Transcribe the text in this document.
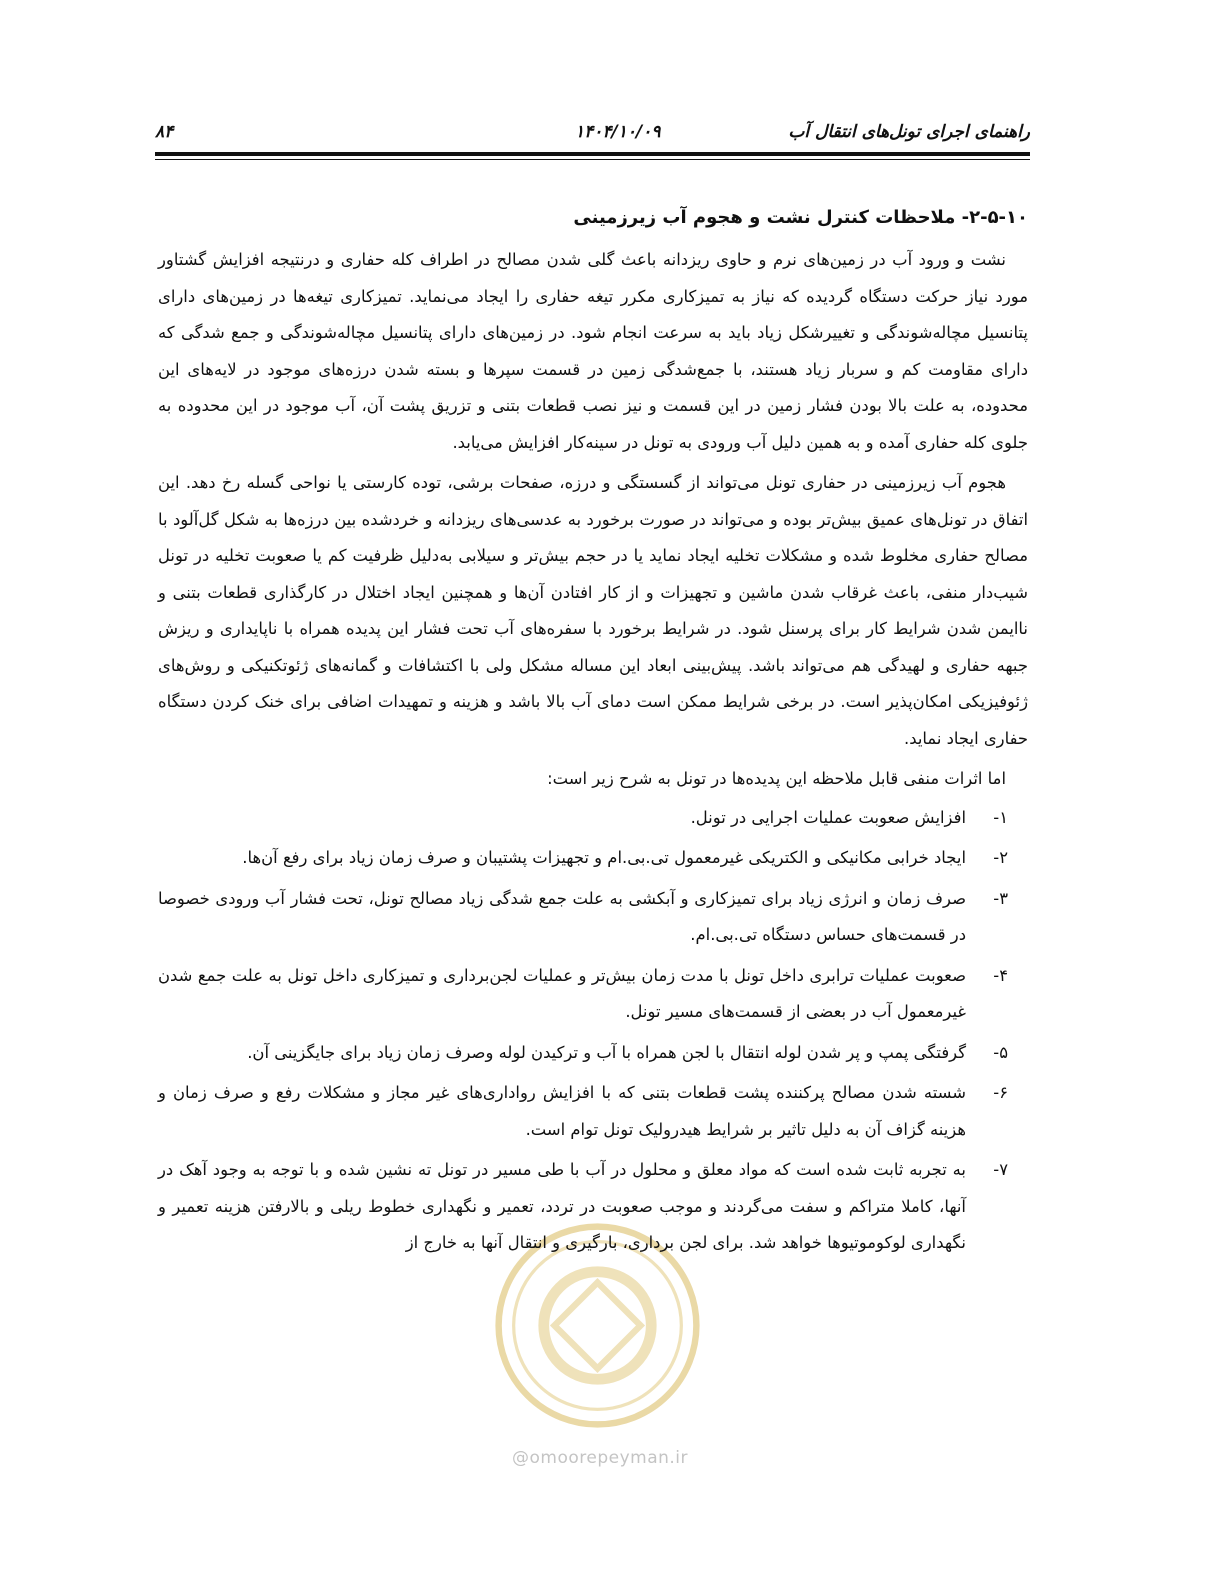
راهنمای اجرای تونل‌های انتقال آب
۱۴۰۴/۱۰/۰۹
۸۴
۲-۵-۱۰- ملاحظات کنترل نشت و هجوم آب زیرزمینی

نشت و ورود آب در زمین‌های نرم و حاوی ریزدانه باعث گلی شدن مصالح در اطراف کله حفاری و درنتیجه افزایش گشتاور مورد نیاز حرکت دستگاه گردیده که نیاز به تمیزکاری مکرر تیغه حفاری را ایجاد می‌نماید. تمیزکاری تیغه‌ها در زمین‌های دارای پتانسیل مچاله‌شوندگی و تغییرشکل زیاد باید به سرعت انجام شود. در زمین‌های دارای پتانسیل مچاله‌شوندگی و جمع شدگی که دارای مقاومت کم و سربار زیاد هستند، با جمع‌شدگی زمین در قسمت سپرها و بسته شدن درزه‌های موجود در لایه‌های این محدوده، به علت بالا بودن فشار زمین در این قسمت و نیز نصب قطعات بتنی و تزریق پشت آن، آب موجود در این محدوده به جلوی کله حفاری آمده و به همین دلیل آب ورودی به تونل در سینه‌کار افزایش می‌یابد.

هجوم آب زیرزمینی در حفاری تونل می‌تواند از گسستگی و درزه، صفحات برشی، توده کارستی یا نواحی گسله رخ دهد. این اتفاق در تونل‌های عمیق بیش‌تر بوده و می‌تواند در صورت برخورد به عدسی‌های ریزدانه و خردشده بین درزه‌ها به شکل گل‌آلود با مصالح حفاری مخلوط شده و مشکلات تخلیه ایجاد نماید یا در حجم بیش‌تر و سیلابی به‌دلیل ظرفیت کم یا صعوبت تخلیه در تونل شیب‌دار منفی، باعث غرقاب شدن ماشین و تجهیزات و از کار افتادن آن‌ها و همچنین ایجاد اختلال در کارگذاری قطعات بتنی و ناایمن شدن شرایط کار برای پرسنل شود. در شرایط برخورد با سفره‌های آب تحت فشار این پدیده همراه با ناپایداری و ریزش جبهه حفاری و لهیدگی هم می‌تواند باشد. پیش‌بینی ابعاد این مساله مشکل ولی با اکتشافات و گمانه‌های ژئوتکنیکی و روش‌های ژئوفیزیکی امکان‌پذیر است. در برخی شرایط ممکن است دمای آب بالا باشد و هزینه و تمهیدات اضافی برای خنک کردن دستگاه حفاری ایجاد نماید.

اما اثرات منفی قابل ملاحظه این پدیده‌ها در تونل به شرح زیر است:

۱-
افزایش صعوبت عملیات اجرایی در تونل.
۲-
ایجاد خرابی مکانیکی و الکتریکی غیرمعمول تی.بی.ام و تجهیزات پشتیبان و صرف زمان زیاد برای رفع آن‌ها.
۳-
صرف زمان و انرژی زیاد برای تمیزکاری و آبکشی به علت جمع شدگی زیاد مصالح تونل، تحت فشار آب ورودی خصوصا در قسمت‌های حساس دستگاه تی.بی.ام.
۴-
صعوبت عملیات ترابری داخل تونل با مدت زمان بیش‌تر و عملیات لجن‌برداری و تمیزکاری داخل تونل به علت جمع شدن غیرمعمول آب در بعضی از قسمت‌های مسیر تونل.
۵-
گرفتگی پمپ و پر شدن لوله انتقال با لجن همراه با آب و ترکیدن لوله وصرف زمان زیاد برای جایگزینی آن.
۶-
شسته شدن مصالح پرکننده پشت قطعات بتنی که با افزایش رواداری‌های غیر مجاز و مشکلات رفع و صرف زمان و هزینه گزاف آن به دلیل تاثیر بر شرایط هیدرولیک تونل توام است.
۷-
به تجربه ثابت شده است که مواد معلق و محلول در آب با طی مسیر در تونل ته نشین شده و با توجه به وجود آهک در آنها، کاملا متراکم و سفت می‌گردند و موجب صعوبت در تردد، تعمیر و نگهداری خطوط ریلی و بالارفتن هزینه تعمیر و نگهداری لوکوموتیوها خواهد شد. برای لجن برداری، بارگیری و انتقال آنها به خارج از
@omoorepeyman.ir
